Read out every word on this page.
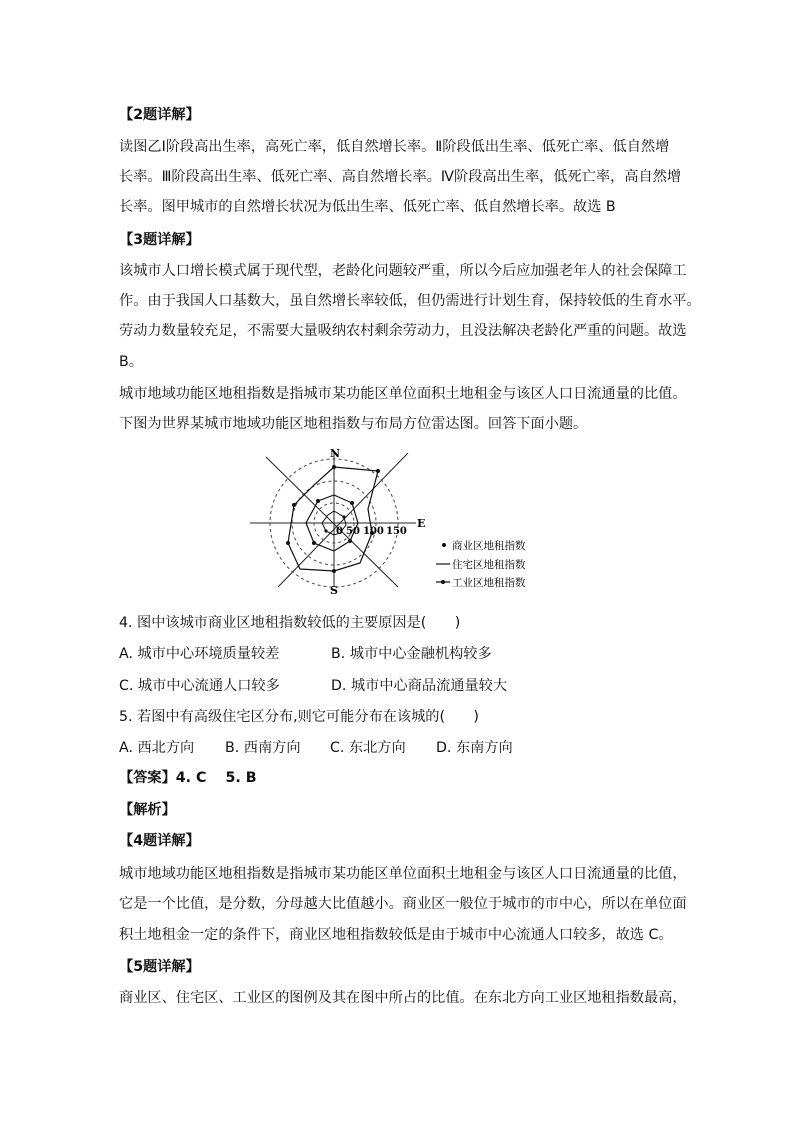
【2题详解】
读图乙Ⅰ阶段高出生率，高死亡率，低自然增长率。Ⅱ阶段低出生率、低死亡率、低自然增
长率。Ⅲ阶段高出生率、低死亡率、高自然增长率。Ⅳ阶段高出生率，低死亡率，高自然增
长率。图甲城市的自然增长状况为低出生率、低死亡率、低自然增长率。故选 B
【3题详解】
该城市人口增长模式属于现代型，老龄化问题较严重，所以今后应加强老年人的社会保障工
作。由于我国人口基数大，虽自然增长率较低，但仍需进行计划生育，保持较低的生育水平。
劳动力数量较充足，不需要大量吸纳农村剩余劳动力，且没法解决老龄化严重的问题。故选
B。
城市地域功能区地租指数是指城市某功能区单位面积土地租金与该区人口日流通量的比值。
下图为世界某城市地域功能区地租指数与布局方位雷达图。回答下面小题。
N
S
E
0 50 100 150
商业区地租指数
住宅区地租指数
工业区地租指数
4. 图中该城市商业区地租指数较低的主要原因是(　　)
A. 城市中心环境质量较差	B. 城市中心金融机构较多
C. 城市中心流通人口较多	D. 城市中心商品流通量较大
5. 若图中有高级住宅区分布,则它可能分布在该城的(　　)
A. 西北方向 B. 西南方向 C. 东北方向 D. 东南方向
【答案】4. C　 5. B
【解析】
【4题详解】
城市地域功能区地租指数是指城市某功能区单位面积土地租金与该区人口日流通量的比值，
它是一个比值，是分数，分母越大比值越小。商业区一般位于城市的市中心，所以在单位面
积土地租金一定的条件下，商业区地租指数较低是由于城市中心流通人口较多，故选 C。
【5题详解】
商业区、住宅区、工业区的图例及其在图中所占的比值。在东北方向工业区地租指数最高，
